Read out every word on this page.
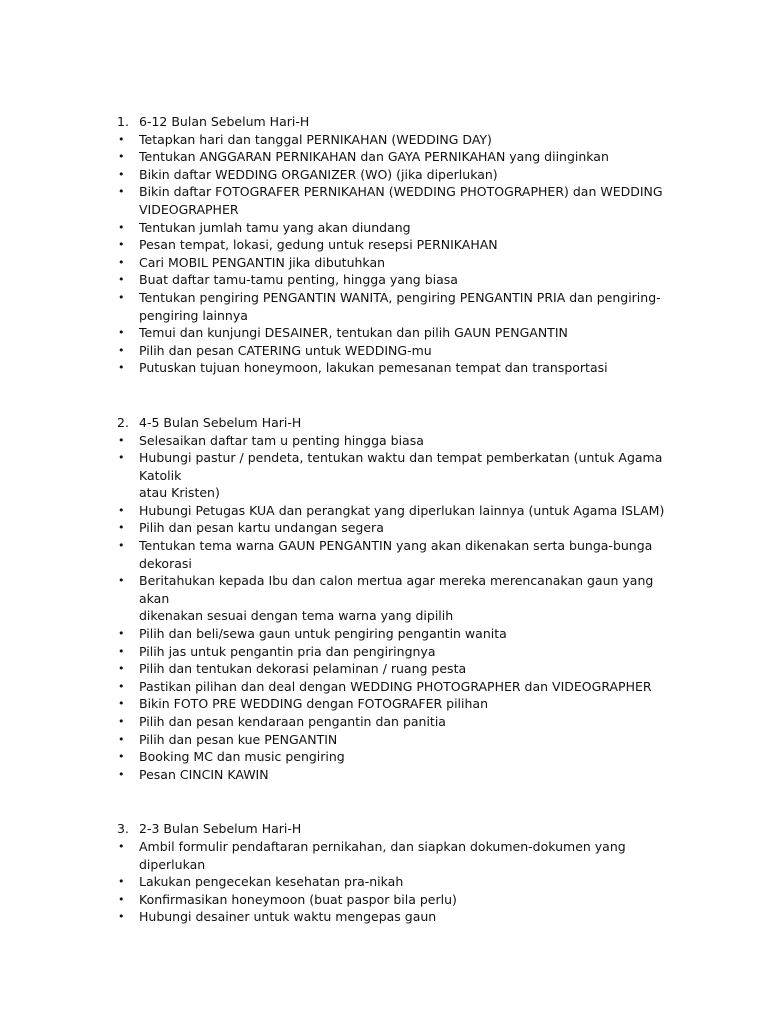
1. 6-12 Bulan Sebelum Hari-H
•	Tetapkan hari dan tanggal PERNIKAHAN (WEDDING DAY)
•	Tentukan ANGGARAN PERNIKAHAN dan GAYA PERNIKAHAN yang diinginkan
•	Bikin daftar WEDDING ORGANIZER (WO) (jika diperlukan)
•	Bikin daftar FOTOGRAFER PERNIKAHAN (WEDDING PHOTOGRAPHER) dan WEDDING
VIDEOGRAPHER
•	Tentukan jumlah tamu yang akan diundang
•	Pesan tempat, lokasi, gedung untuk resepsi PERNIKAHAN
•	Cari MOBIL PENGANTIN jika dibutuhkan
•	Buat daftar tamu-tamu penting, hingga yang biasa
•	Tentukan pengiring PENGANTIN WANITA, pengiring PENGANTIN PRIA dan pengiring-
pengiring lainnya
•	Temui dan kunjungi DESAINER, tentukan dan pilih GAUN PENGANTIN
•	Pilih dan pesan CATERING untuk WEDDING-mu
•	Putuskan tujuan honeymoon, lakukan pemesanan tempat dan transportasi
2. 4-5 Bulan Sebelum Hari-H
•	Selesaikan daftar tam u penting hingga biasa
•	Hubungi pastur / pendeta, tentukan waktu dan tempat pemberkatan (untuk Agama Katolik
atau Kristen)
•	Hubungi Petugas KUA dan perangkat yang diperlukan lainnya (untuk Agama ISLAM)
•	Pilih dan pesan kartu undangan segera
•	Tentukan tema warna GAUN PENGANTIN yang akan dikenakan serta bunga-bunga dekorasi
•	Beritahukan kepada Ibu dan calon mertua agar mereka merencanakan gaun yang akan
dikenakan sesuai dengan tema warna yang dipilih
•	Pilih dan beli/sewa gaun untuk pengiring pengantin wanita
•	Pilih jas untuk pengantin pria dan pengiringnya
•	Pilih dan tentukan dekorasi pelaminan / ruang pesta
•	Pastikan pilihan dan deal dengan WEDDING PHOTOGRAPHER dan VIDEOGRAPHER
•	Bikin FOTO PRE WEDDING dengan FOTOGRAFER pilihan
•	Pilih dan pesan kendaraan pengantin dan panitia
•	Pilih dan pesan kue PENGANTIN
•	Booking MC dan music pengiring
•	Pesan CINCIN KAWIN
3. 2-3 Bulan Sebelum Hari-H
•	Ambil formulir pendaftaran pernikahan, dan siapkan dokumen-dokumen yang diperlukan
•	Lakukan pengecekan kesehatan pra-nikah
•	Konfirmasikan honeymoon (buat paspor bila perlu)
•	Hubungi desainer untuk waktu mengepas gaun
